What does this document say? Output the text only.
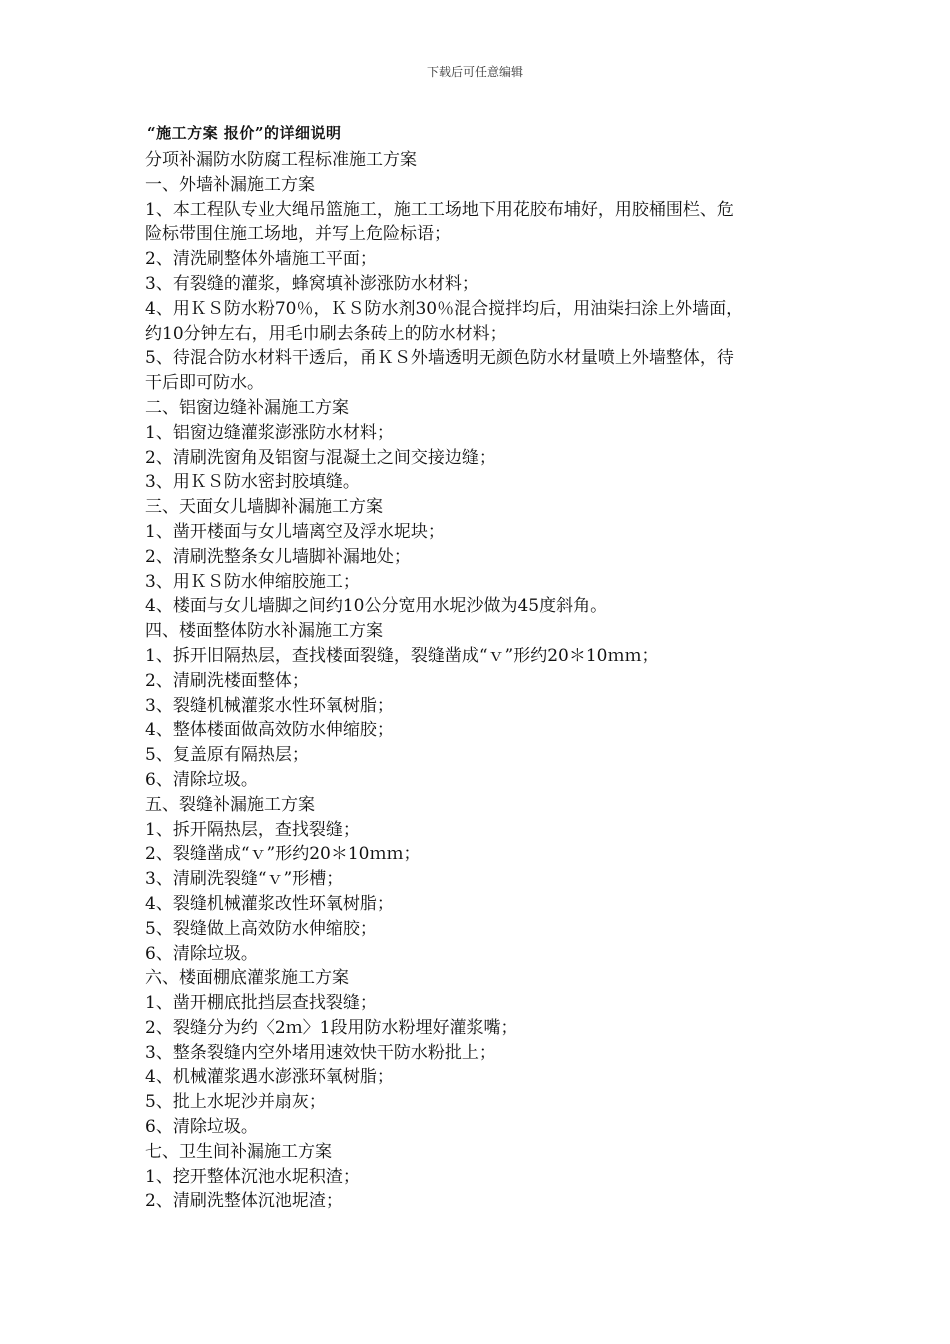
下载后可任意编辑
“施工方案 报价”的详细说明
分项补漏防水防腐工程标准施工方案
一、外墙补漏施工方案
1、本工程队专业大绳吊篮施工，施工工场地下用花胶布埔好，用胶桶围栏、危
险标带围住施工场地，并写上危险标语；
2、清洗刷整体外墙施工平面；
3、有裂缝的灌浆，蜂窝填补澎涨防水材料；
4、用ＫＳ防水粉70％，ＫＳ防水剂30％混合搅拌均后，用油柒扫涂上外墙面，
约10分钟左右，用毛巾刷去条砖上的防水材料；
5、待混合防水材料干透后，甬ＫＳ外墙透明无颜色防水材量喷上外墙整体，待
干后即可防水。
二、铝窗边缝补漏施工方案
1、铝窗边缝灌浆澎涨防水材料；
2、清刷洗窗角及铝窗与混凝土之间交接边缝；
3、用ＫＳ防水密封胶填缝。
三、天面女儿墙脚补漏施工方案
1、凿开楼面与女儿墙离空及浮水坭块；
2、清刷洗整条女儿墙脚补漏地处；
3、用ＫＳ防水伸缩胶施工；
4、楼面与女儿墙脚之间约10公分宽用水坭沙做为45度斜角。
四、楼面整体防水补漏施工方案
1、拆开旧隔热层，查找楼面裂缝，裂缝凿成“ｖ”形约20＊10ｍｍ；
2、清刷洗楼面整体；
3、裂缝机械灌浆水性环氧树脂；
4、整体楼面做高效防水伸缩胶；
5、复盖原有隔热层；
6、清除垃圾。
五、裂缝补漏施工方案
1、拆开隔热层，查找裂缝；
2、裂缝凿成“ｖ”形约20＊10ｍｍ；
3、清刷洗裂缝“ｖ”形槽；
4、裂缝机械灌浆改性环氧树脂；
5、裂缝做上高效防水伸缩胶；
6、清除垃圾。
六、楼面棚底灌浆施工方案
1、凿开棚底批挡层查找裂缝；
2、裂缝分为约〈2ｍ〉1段用防水粉埋好灌浆嘴；
3、整条裂缝内空外堵用速效快干防水粉批上；
4、机械灌浆遇水澎涨环氧树脂；
5、批上水坭沙并扇灰；
6、清除垃圾。
七、卫生间补漏施工方案
1、挖开整体沉池水坭积渣；
2、清刷洗整体沉池坭渣；
